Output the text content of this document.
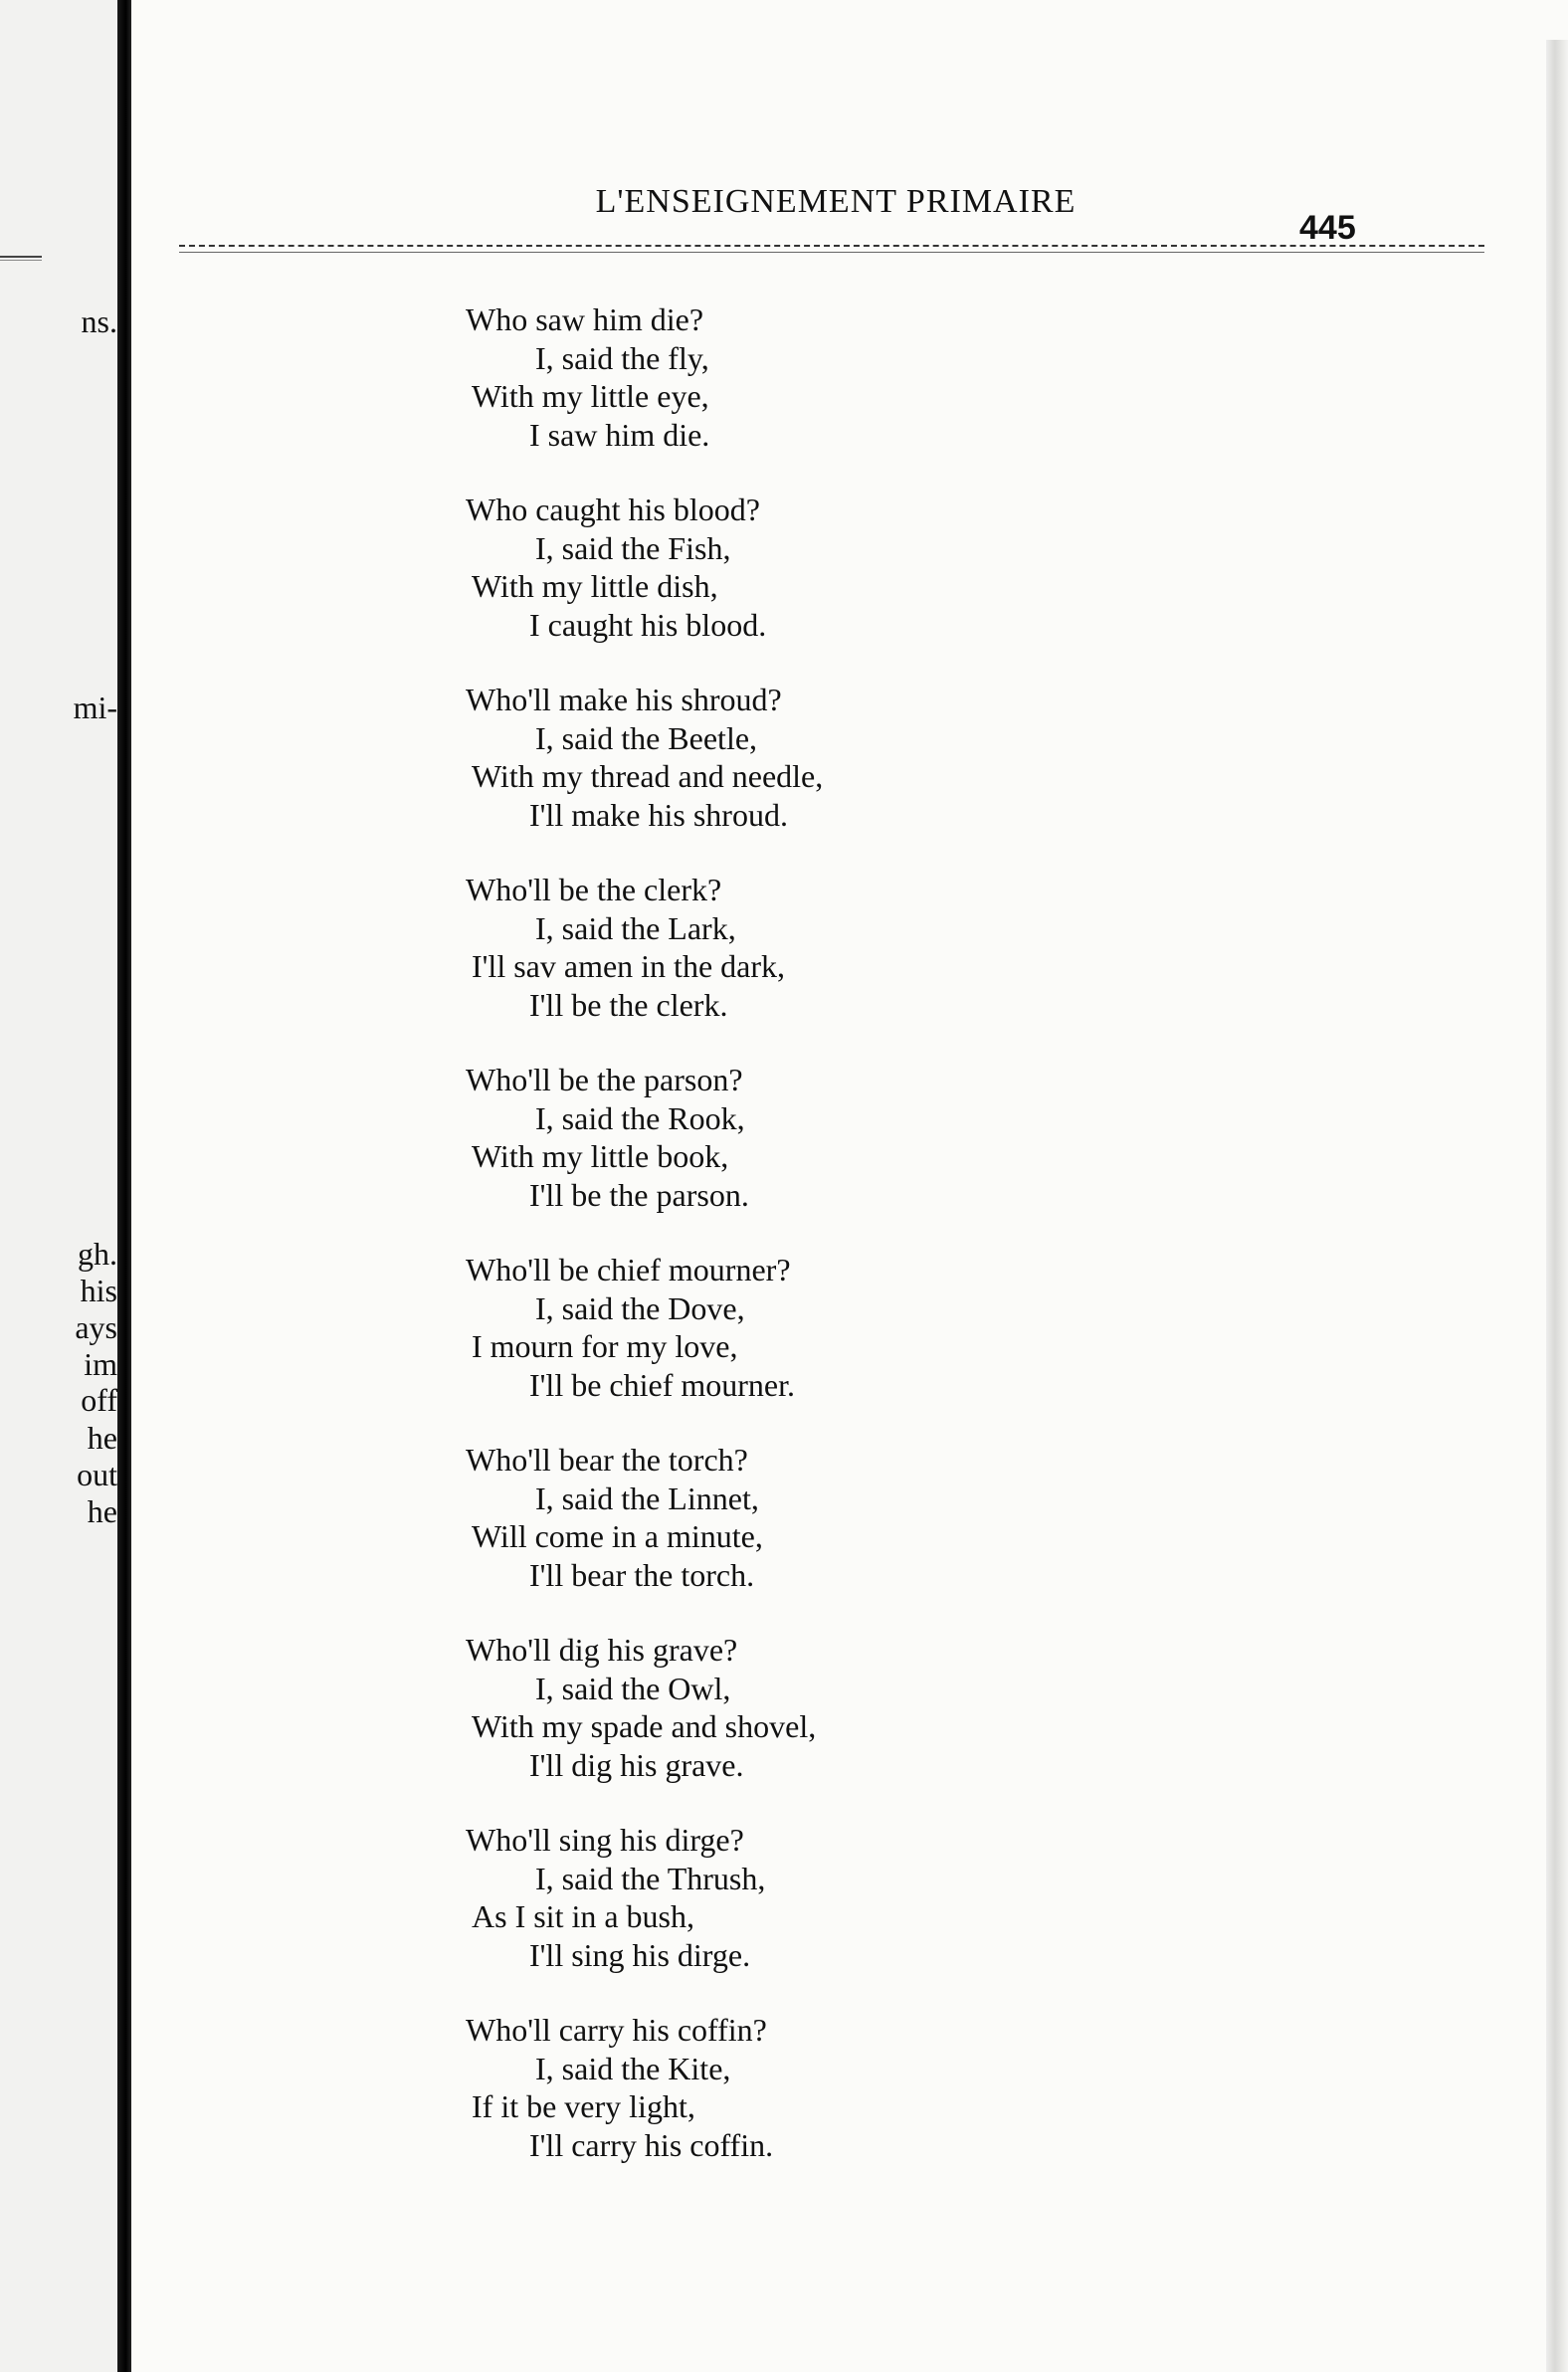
ns.
mi-
gh.
his
ays
im
off
he
out
he
L'ENSEIGNEMENT PRIMAIRE
445
Who saw him die?
I, said the fly,
With my little eye,
I saw him die.
Who caught his blood?
I, said the Fish,
With my little dish,
I caught his blood.
Who'll make his shroud?
I, said the Beetle,
With my thread and needle,
I'll make his shroud.
Who'll be the clerk?
I, said the Lark,
I'll sav amen in the dark,
I'll be the clerk.
Who'll be the parson?
I, said the Rook,
With my little book,
I'll be the parson.
Who'll be chief mourner?
I, said the Dove,
I mourn for my love,
I'll be chief mourner.
Who'll bear the torch?
I, said the Linnet,
Will come in a minute,
I'll bear the torch.
Who'll dig his grave?
I, said the Owl,
With my spade and shovel,
I'll dig his grave.
Who'll sing his dirge?
I, said the Thrush,
As I sit in a bush,
I'll sing his dirge.
Who'll carry his coffin?
I, said the Kite,
If it be very light,
I'll carry his coffin.
